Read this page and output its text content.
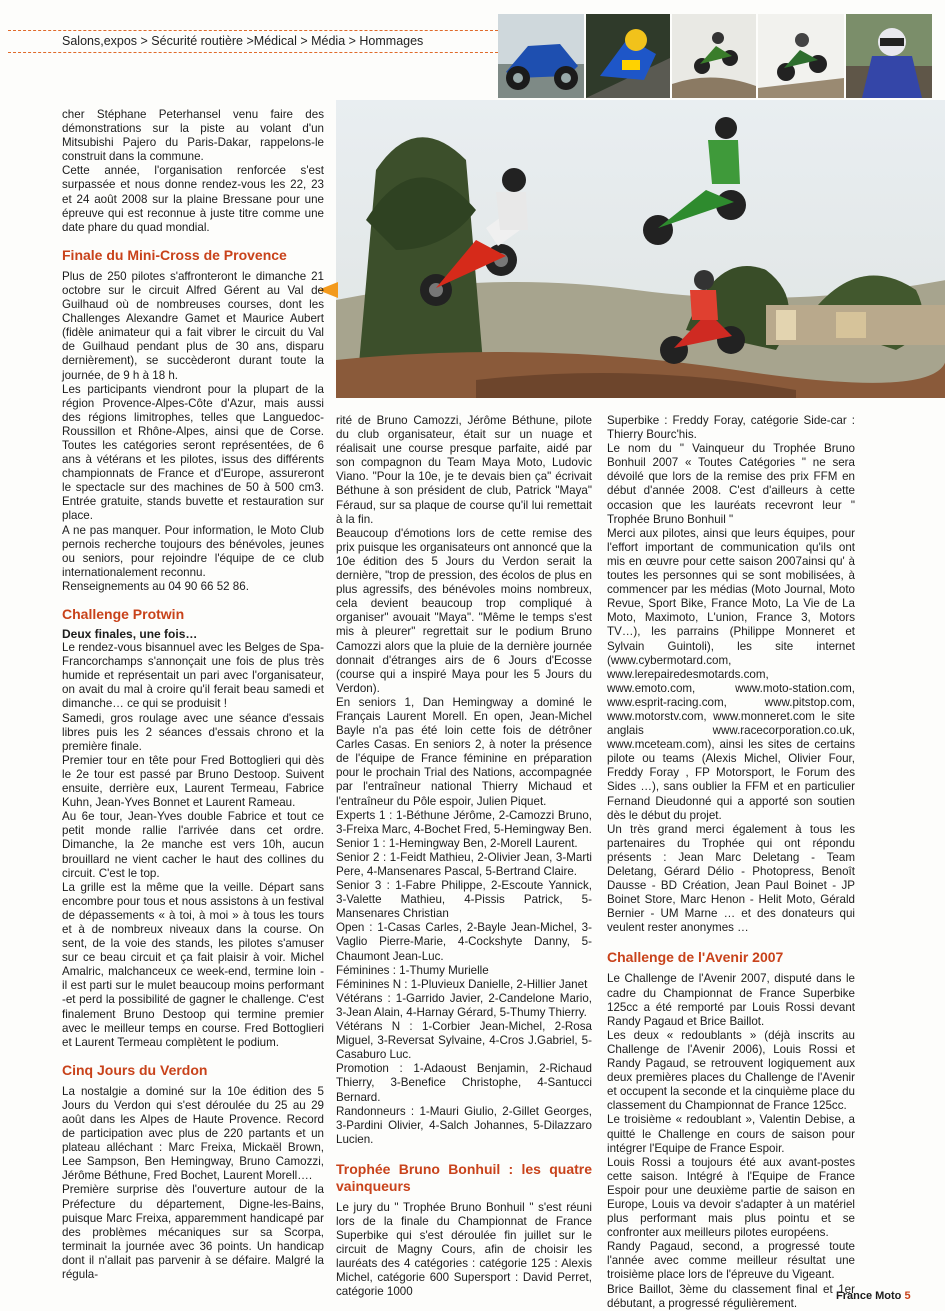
Salons,expos > Sécurité routière >Médical > Média > Hommages

cher Stéphane Peterhansel venu faire des démonstrations sur la piste au volant d'un Mitsubishi Pajero du Paris-Dakar, rappelons-le construit dans la commune.

Cette année, l'organisation renforcée s'est surpassée et nous donne rendez-vous les 22, 23 et 24 août 2008 sur la plaine Bressane pour une épreuve qui est reconnue à juste titre comme une date phare du quad mondial.

Finale du Mini-Cross de Provence

Plus de 250 pilotes s'affronteront le dimanche 21 octobre sur le circuit Alfred Gérent au Val de Guilhaud où de nombreuses courses, dont les Challenges Alexandre Gamet et Maurice Aubert (fidèle animateur qui a fait vibrer le circuit du Val de Guilhaud pendant plus de 30 ans, disparu dernièrement), se succèderont durant toute la journée, de 9 h à 18 h.

Les participants viendront pour la plupart de la région Provence-Alpes-Côte d'Azur, mais aussi des régions limitrophes, telles que Languedoc-Roussillon et Rhône-Alpes, ainsi que de Corse. Toutes les catégories seront représentées, de 6 ans à vétérans et les pilotes, issus des différents championnats de France et d'Europe, assureront le spectacle sur des machines de 50 à 500 cm3. Entrée gratuite, stands buvette et restauration sur place.

A ne pas manquer. Pour information, le Moto Club pernois recherche toujours des bénévoles, jeunes ou seniors, pour rejoindre l'équipe de ce club internationalement reconnu.

Renseignements au 04 90 66 52 86.

Challenge Protwin

Deux finales, une fois…

Le rendez-vous bisannuel avec les Belges de Spa-Francorchamps s'annonçait une fois de plus très humide et représentait un pari avec l'organisateur, on avait du mal à croire qu'il ferait beau samedi et dimanche… ce qui se produisit !

Samedi, gros roulage avec une séance d'essais libres puis les 2 séances d'essais chrono et la première finale.

Premier tour en tête pour Fred Bottoglieri qui dès le 2e tour est passé par Bruno Destoop. Suivent ensuite, derrière eux, Laurent Termeau, Fabrice Kuhn, Jean-Yves Bonnet et Laurent Rameau.

Au 6e tour, Jean-Yves double Fabrice et tout ce petit monde rallie l'arrivée dans cet ordre. Dimanche, la 2e manche est vers 10h, aucun brouillard ne vient cacher le haut des collines du circuit. C'est le top.

La grille est la même que la veille. Départ sans encombre pour tous et nous assistons à un festival de dépassements « à toi, à moi » à tous les tours et à de nombreux niveaux dans la course. On sent, de la voie des stands, les pilotes s'amuser sur ce beau circuit et ça fait plaisir à voir. Michel Amalric, malchanceux ce week-end, termine loin - il est parti sur le mulet beaucoup moins performant -et perd la possibilité de gagner le challenge. C'est finalement Bruno Destoop qui termine premier avec le meilleur temps en course. Fred Bottoglieri et Laurent Termeau complètent le podium.

Cinq Jours du Verdon

La nostalgie a dominé sur la 10e édition des 5 Jours du Verdon qui s'est déroulée du 25 au 29 août dans les Alpes de Haute Provence. Record de participation avec plus de 220 partants et un plateau alléchant : Marc Freixa, Mickaël Brown, Lee Sampson, Ben Hemingway, Bruno Camozzi, Jérôme Béthune, Fred Bochet, Laurent Morell….

Première surprise dès l'ouverture autour de la Préfecture du département, Digne-les-Bains, puisque Marc Freixa, apparemment handicapé par des problèmes mécaniques sur sa Scorpa, terminait la journée avec 36 points. Un handicap dont il n'allait pas parvenir à se défaire. Malgré la régula-

rité de Bruno Camozzi, Jérôme Béthune, pilote du club organisateur, était sur un nuage et réalisait une course presque parfaite, aidé par son compagnon du Team Maya Moto, Ludovic Viano. "Pour la 10e, je te devais bien ça" écrivait Béthune à son président de club, Patrick "Maya" Féraud, sur sa plaque de course qu'il lui remettait à la fin.

Beaucoup d'émotions lors de cette remise des prix puisque les organisateurs ont annoncé que la 10e édition des 5 Jours du Verdon serait la dernière, "trop de pression, des écolos de plus en plus agressifs, des bénévoles moins nombreux, cela devient beaucoup trop compliqué à organiser" avouait "Maya". "Même le temps s'est mis à pleurer" regrettait sur le podium Bruno Camozzi alors que la pluie de la dernière journée donnait d'étranges airs de 6 Jours d'Ecosse (course qui a inspiré Maya pour les 5 Jours du Verdon).

En seniors 1, Dan Hemingway a dominé le Français Laurent Morell. En open, Jean-Michel Bayle n'a pas été loin cette fois de détrôner Carles Casas. En seniors 2, à noter la présence de l'équipe de France féminine en préparation pour le prochain Trial des Nations, accompagnée par l'entraîneur national Thierry Michaud et l'entraîneur du Pôle espoir, Julien Piquet.

Experts 1 : 1-Béthune Jérôme, 2-Camozzi Bruno, 3-Freixa Marc, 4-Bochet Fred, 5-Hemingway Ben.

Senior 1 : 1-Hemingway Ben, 2-Morell Laurent.

Senior 2 : 1-Feidt Mathieu, 2-Olivier Jean, 3-Marti Pere, 4-Mansenares Pascal, 5-Bertrand Claire.

Senior 3 : 1-Fabre Philippe, 2-Escoute Yannick, 3-Valette Mathieu, 4-Pissis Patrick, 5-Mansenares Christian

Open : 1-Casas Carles, 2-Bayle Jean-Michel, 3-Vaglio Pierre-Marie, 4-Cockshyte Danny, 5-Chaumont Jean-Luc.

Féminines : 1-Thumy Murielle

Féminines N : 1-Pluvieux Danielle, 2-Hillier Janet

Vétérans : 1-Garrido Javier, 2-Candelone Mario, 3-Jean Alain, 4-Harnay Gérard, 5-Thumy Thierry.

Vétérans N : 1-Corbier Jean-Michel, 2-Rosa Miguel, 3-Reversat Sylvaine, 4-Cros J.Gabriel, 5-Casaburo Luc.

Promotion : 1-Adaoust Benjamin, 2-Richaud Thierry, 3-Benefice Christophe, 4-Santucci Bernard.

Randonneurs : 1-Mauri Giulio, 2-Gillet Georges, 3-Pardini Olivier, 4-Salch Johannes, 5-Dilazzaro Lucien.

Trophée Bruno Bonhuil : les quatre vainqueurs

Le jury du " Trophée Bruno Bonhuil " s'est réuni lors de la finale du Championnat de France Superbike qui s'est déroulée fin juillet sur le circuit de Magny Cours, afin de choisir les lauréats des 4 catégories : catégorie 125 : Alexis Michel, catégorie 600 Supersport : David Perret, catégorie 1000

Superbike : Freddy Foray, catégorie Side-car : Thierry Bourc'his.

Le nom du " Vainqueur du Trophée Bruno Bonhuil 2007 « Toutes Catégories " ne sera dévoilé que lors de la remise des prix FFM en début d'année 2008. C'est d'ailleurs à cette occasion que les lauréats recevront leur " Trophée Bruno Bonhuil "

Merci aux pilotes, ainsi que leurs équipes, pour l'effort important de communication qu'ils ont mis en œuvre pour cette saison 2007ainsi qu' à toutes les personnes qui se sont mobilisées, à commencer par les médias (Moto Journal, Moto Revue, Sport Bike, France Moto, La Vie de La Moto, Maximoto, L'union, France 3, Motors TV…), les parrains (Philippe Monneret et Sylvain Guintoli), les site internet (www.cybermotard.com, www.lerepairedesmotards.com, www.emoto.com, www.moto-station.com, www.esprit-racing.com, www.pitstop.com, www.motorstv.com, www.monneret.com le site anglais www.racecorporation.co.uk, www.mceteam.com), ainsi les sites de certains pilote ou teams (Alexis Michel, Olivier Four, Freddy Foray , FP Motorsport, le Forum des Sides …), sans oublier la FFM et en particulier Fernand Dieudonné qui a apporté son soutien dès le début du projet.

Un très grand merci également à tous les partenaires du Trophée qui ont répondu présents : Jean Marc Deletang - Team Deletang, Gérard Délio - Photopress, Benoît Dausse - BD Création, Jean Paul Boinet - JP Boinet Store, Marc Henon - Helit Moto, Gérald Bernier - UM Marne … et des donateurs qui veulent rester anonymes …

Challenge de l'Avenir 2007

Le Challenge de l'Avenir 2007, disputé dans le cadre du Championnat de France Superbike 125cc a été remporté par Louis Rossi devant Randy Pagaud et Brice Baillot.

Les deux « redoublants » (déjà inscrits au Challenge de l'Avenir 2006), Louis Rossi et Randy Pagaud, se retrouvent logiquement aux deux premières places du Challenge de l'Avenir et occupent la seconde et la cinquième place du classement du Championnat de France 125cc.

Le troisième « redoublant », Valentin Debise, a quitté le Challenge en cours de saison pour intégrer l'Equipe de France Espoir.

Louis Rossi a toujours été aux avant-postes cette saison. Intégré à l'Equipe de France Espoir pour une deuxième partie de saison en Europe, Louis va devoir s'adapter à un matériel plus performant mais plus pointu et se confronter aux meilleurs pilotes européens.

Randy Pagaud, second, a progressé toute l'année avec comme meilleur résultat une troisième place lors de l'épreuve du Vigeant.

Brice Baillot, 3ème du classement final et 1er débutant, a progressé régulièrement.

France Moto 5
